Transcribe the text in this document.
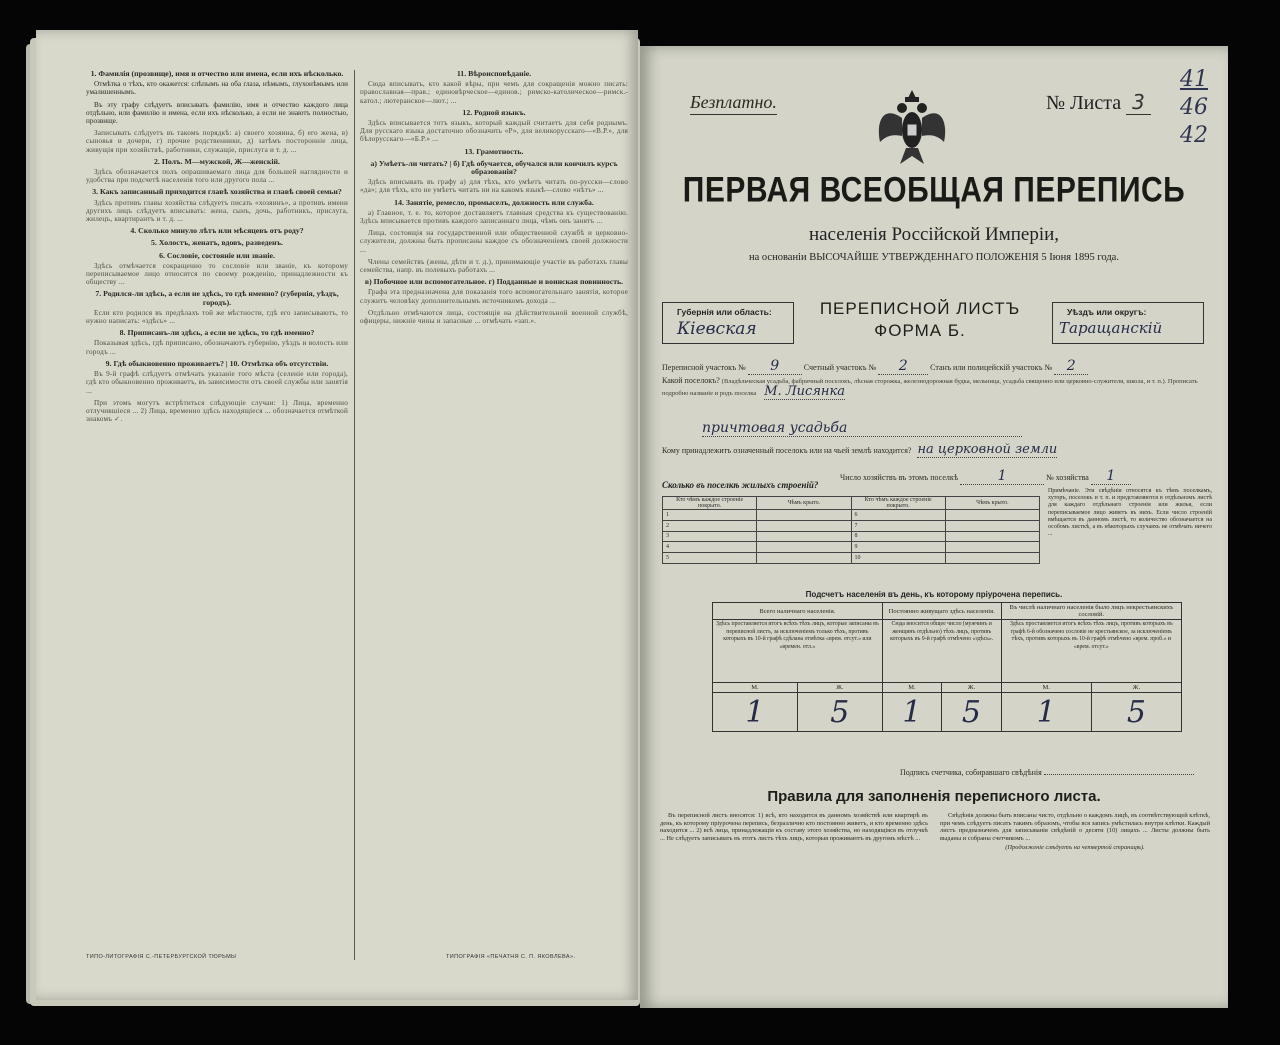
1. Фамилія (прозвище), имя и отчество или имена, если ихъ нѣсколько.

Отмѣтка о тѣхъ, кто окажется: слѣпымъ на оба глаза, нѣмымъ, глухонѣмымъ или умалишеннымъ.

Въ эту графу слѣдуетъ вписывать фамилію, имя и отчество каждого лица отдѣльно, или фамилію и имена, если ихъ нѣсколько, а если не знаютъ полностью, прозвище.

Записывать слѣдуетъ въ такомъ порядкѣ: а) своего хозяина, б) его жена, в) сыновья и дочери, г) прочие родственники, д) затѣмъ посторонніе лица, живущія при хозяйствѣ, работники, служащіе, прислуга и т. д. ...

2. Полъ. М—мужской, Ж—женскій.

Здѣсь обозначается полъ опрашиваемаго лица для большей наглядности и удобства при подсчетѣ населенія того или другого пола ...

3. Какъ записанный приходится главѣ хозяйства и главѣ своей семьи?

Здѣсь противъ главы хозяйства слѣдуетъ писать «хозяинъ», а противъ имени другихъ лицъ слѣдуетъ вписывать: жена, сынъ, дочь, работникъ, прислуга, жилецъ, квартирантъ и т. д. ...

4. Сколько минуло лѣтъ или мѣсяцевъ отъ роду?

5. Холостъ, женатъ, вдовъ, разведенъ.

6. Сословіе, состояніе или званіе.

Здѣсь отмѣчается сокращенно то сословіе или званіе, къ которому переписываемое лицо относится по своему рожденію, принадлежности къ обществу ...

7. Родился-ли здѣсь, а если не здѣсь, то гдѣ именно? (губернія, уѣздъ, городъ).

Если кто родился въ предѣлахъ той же мѣстности, гдѣ его записываютъ, то нужно написать: «здѣсь» ...

8. Приписанъ-ли здѣсь, а если не здѣсь, то гдѣ именно?

Показывая здѣсь, гдѣ приписано, обозначаютъ губернію, уѣздъ и волость или городъ ...

9. Гдѣ обыкновенно проживаетъ? | 10. Отмѣтка объ отсутствіи.

Въ 9-й графѣ слѣдуетъ отмѣчать указаніе того мѣста (селеніе или города), гдѣ кто обыкновенно проживаетъ, въ зависимости отъ своей службы или занятія ...

При этомъ могутъ встрѣтиться слѣдующіе случаи: 1) Лица, временно отлучившіеся ... 2) Лица, временно здѣсь находящіеся ... обозначается отмѣткой знакомъ ✓.

11. Вѣроисповѣданіе.

Сюда вписывать, кто какой вѣры, при чемъ для сокращенія можно писать: православная—прав.; единовѣрческое—единов.; римско-католическое—римск.-катол.; лютеранское—лют.; ...

12. Родной языкъ.

Здѣсь вписывается тотъ языкъ, который каждый считаетъ для себя роднымъ. Для русскаго языка достаточно обозначить «Р», для великорусскаго—«В.Р.», для бѣлорусскаго—«Б.Р.» ...

13. Грамотность.

а) Умѣетъ-ли читать? | б) Гдѣ обучается, обучался или кончилъ курсъ образованія?

Здѣсь вписывать въ графу а) для тѣхъ, кто умѣетъ читать по-русски—слово «да»; для тѣхъ, кто не умѣетъ читать ни на какомъ языкѣ—слово «нѣтъ» ...

14. Занятіе, ремесло, промыселъ, должность или служба.

а) Главное, т. е. то, которое доставляетъ главныя средства къ существованію. Здѣсь вписывается противъ каждого записаннаго лица, чѣмъ онъ занятъ ...

Лица, состоящія на государственной или общественной службѣ и церковно-служители, должны быть прописаны каждое съ обозначеніемъ своей должности ...

Члены семействъ (жены, дѣти и т. д.), принимающіе участіе въ работахъ главы семейства, напр. въ полевыхъ работахъ ...

в) Побочное или вспомогательное. г) Подданные и воинская повинность.

Графа эта предназначена для показанія того вспомогательнаго занятія, которое служитъ человѣку дополнительнымъ источникомъ дохода ...

Отдѣльно отмѣчаются лица, состоящія на дѣйствительной военной службѣ, офицеры, нижніе чины и запасные ... отмѣчать «зап.».

ТИПО-ЛИТОГРАФІЯ С.-ПЕТЕРБУРГСКОЙ ТЮРЬМЫ	ТИПОГРАФІЯ «ПЕЧАТНЯ С. П. ЯКОВЛЕВА».
Безплатно.	№ Листа 3
41
46
42
ПЕРВАЯ ВСЕОБЩАЯ ПЕРЕПИСЬ
населенія Россійской Имперіи,
на основаніи ВЫСОЧАЙШЕ УТВЕРЖДЕННАГО ПОЛОЖЕНІЯ 5 Іюня 1895 года.
Губернія или область:
Кіевская
ПЕРЕПИСНОЙ ЛИСТЪ
ФОРМА Б.
Уѣздъ или округъ:
Таращанскій
Переписной участокъ № 9	Счетный участокъ № 2	Станъ или полицейскій участокъ № 2
Какой поселокъ? (Владѣльческая усадьба, фабричный поселокъ, лѣсная сторожка, железнодорожная будка, мельница, усадьба священно или церковно-служителя, школа, и т. п.). Прописать подробно названіе и родъ поселка М. Лисянка
причтовая усадьба
Кому принадлежитъ означенный поселокъ или на чьей землѣ находится? на церковной земли
Число хозяйствъ въ этомъ поселкѣ	1	№ хозяйства 1
Сколько въ поселкѣ жилыхъ строеній?
Кто чѣмъ каждое строеніе покрыто.	Чѣмъ крыто.	Кто чѣмъ каждое строеніе покрыто.	Чѣмъ крыто.
1		6	
2		7	
3		8	
4		9	
5		10	
Примѣчаніе. Эти свѣдѣнія относятся къ тѣмъ поселкамъ, хуторъ, поселокъ и т. п. и представляются в отдѣльномъ листѣ для каждаго отдѣльнаго строенія или жилья, если переписываемое лицо живетъ въ нихъ. Если число строеній вмѣщается въ данномъ листѣ, то количество обозначается на особомъ листкѣ, а въ нѣкоторыхъ случаяхъ не отмѣчать ничего ...
Подсчетъ населенія въ день, къ которому пріурочена перепись.
Всего наличнаго населенія.		Постоянно живущаго здѣсь населенія.		Въ числѣ наличнаго населенія было лицъ некрестьянскихъ сословій.	
Здѣсь проставляется итогъ всѣхъ тѣхъ лицъ, которые записаны въ переписной листъ, за исключеніемъ только тѣхъ, противъ которыхъ въ 10-й графѣ сдѣлана отмѣтка «врем. отсут.» или «времен. отл.»		Сюда вносится общее число (мужчинъ и женщинъ отдѣльно) тѣхъ лицъ, противъ которыхъ въ 9-й графѣ отмѣчено «здѣсь».		Здѣсь проставляется итогъ всѣхъ тѣхъ лицъ, противъ которыхъ въ графѣ 6-й обозначено сословіе не крестьянское, за исключеніемъ тѣхъ, противъ которыхъ въ 10-й графѣ отмѣчено «врем. проб.» и «врем. отсут.»	
М.	Ж.	М.	Ж.	М.	Ж.
1	5	1	5	1	5
Подпись счетчика, собиравшаго свѣдѣнія
Правила для заполненія переписного листа.

Въ переписной листъ вносятся: 1) всѣ, кто находится въ данномъ хозяйствѣ или квартирѣ въ день, къ которому пріурочена перепись, безразлично кто постоянно живетъ, и кто временно здѣсь находится ... 2) всѣ лица, принадлежащія къ составу этого хозяйства, но находящіяся въ отлучкѣ ... Не слѣдуетъ записывать въ этотъ листъ тѣхъ лицъ, которыя проживаютъ въ другомъ мѣстѣ ...

Свѣдѣнія должны быть вписаны чисто, отдѣльно о каждомъ лицѣ, въ соотвѣтствующей клѣткѣ, при чемъ слѣдуетъ писать такимъ образомъ, чтобы вся запись умѣстилась внутри клѣтки. Каждый листъ предназначенъ для записыванія свѣдѣній о десяти (10) лицахъ ... Листы должны быть выданы и собраны счетчикомъ ...

(Продолженіе слѣдуетъ на четвертой страницѣ).
